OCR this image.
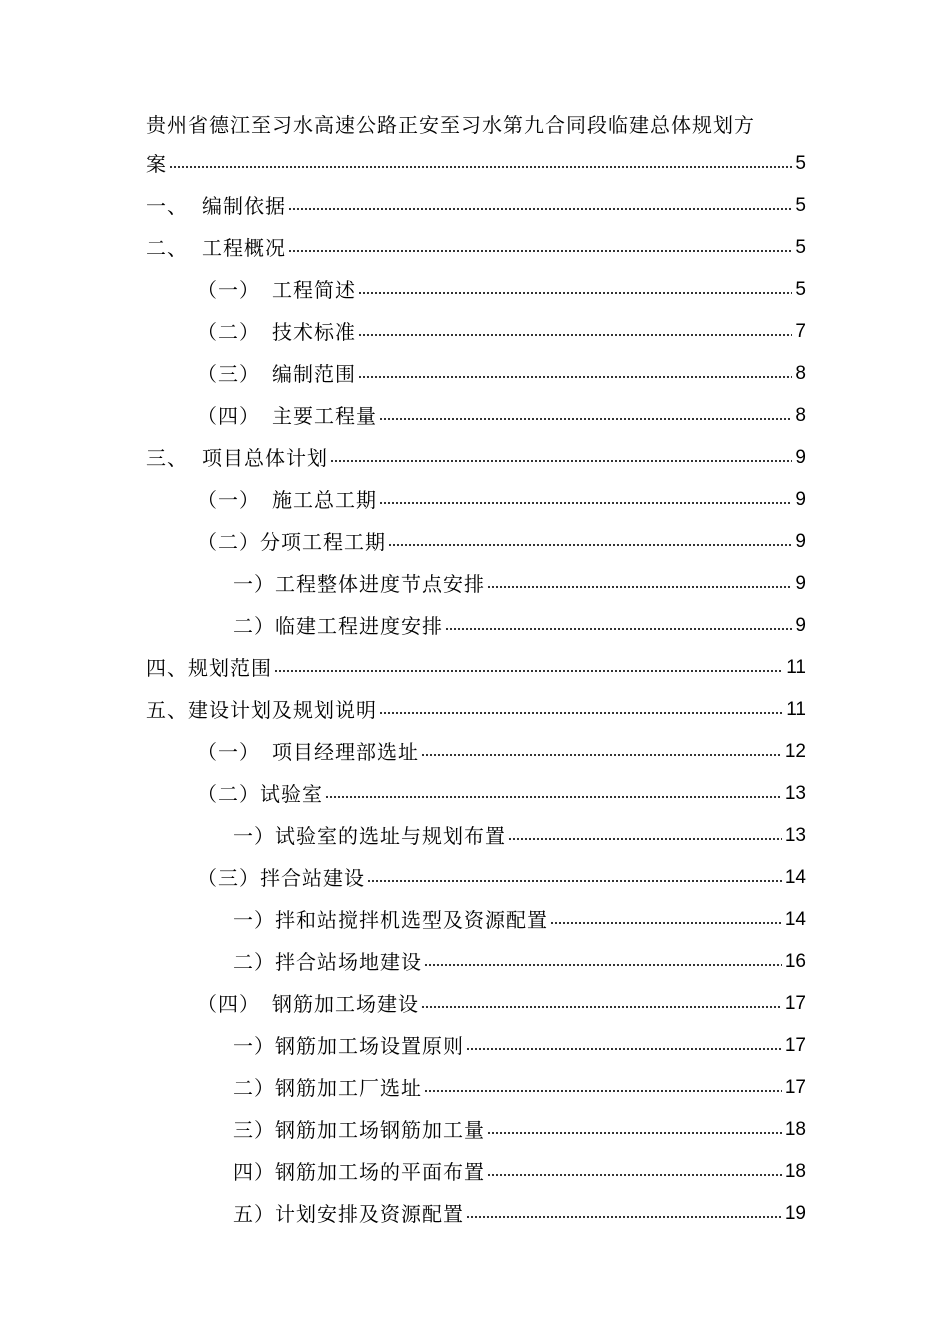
贵州省德江至习水高速公路正安至习水第九合同段临建总体规划方
案	5
一、 编制依据	5
二、 工程概况	5
（一） 工程简述	5
（二） 技术标准	7
（三） 编制范围	8
（四） 主要工程量	8
三、 项目总体计划	9
（一） 施工总工期	9
（二） 分项工程工期	9
一） 工程整体进度节点安排	9
二） 临建工程进度安排	9
四、 规划范围	11
五、 建设计划及规划说明	11
（一） 项目经理部选址	12
（二） 试验室	13
一） 试验室的选址与规划布置	13
（三） 拌合站建设	14
一） 拌和站搅拌机选型及资源配置	14
二） 拌合站场地建设	16
（四） 钢筋加工场建设	17
一） 钢筋加工场设置原则	17
二） 钢筋加工厂选址	17
三） 钢筋加工场钢筋加工量	18
四） 钢筋加工场的平面布置	18
五） 计划安排及资源配置	19
